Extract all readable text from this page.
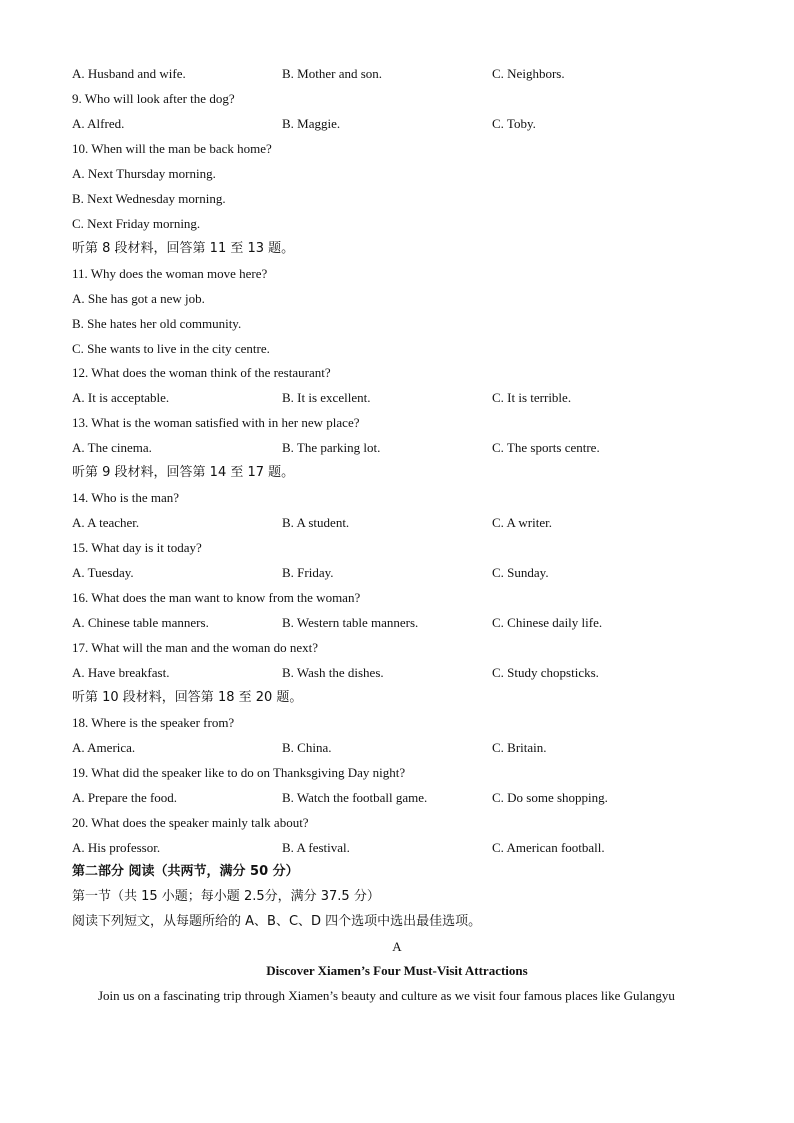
A. Husband and wife.	B. Mother and son.	C. Neighbors.
9. Who will look after the dog?
A. Alfred.	B. Maggie.	C. Toby.
10. When will the man be back home?
A. Next Thursday morning.
B. Next Wednesday morning.
C. Next Friday morning.
听第 8 段材料，回答第 11 至 13 题。
11. Why does the woman move here?
A. She has got a new job.
B. She hates her old community.
C. She wants to live in the city centre.
12. What does the woman think of the restaurant?
A. It is acceptable.	B. It is excellent.	C. It is terrible.
13. What is the woman satisfied with in her new place?
A. The cinema.	B. The parking lot.	C. The sports centre.
听第 9 段材料，回答第 14 至 17 题。
14. Who is the man?
A. A teacher.	B. A student.	C. A writer.
15. What day is it today?
A. Tuesday.	B. Friday.	C. Sunday.
16. What does the man want to know from the woman?
A. Chinese table manners.	B. Western table manners.	C. Chinese daily life.
17. What will the man and the woman do next?
A. Have breakfast.	B. Wash the dishes.	C. Study chopsticks.
听第 10 段材料，回答第 18 至 20 题。
18. Where is the speaker from?
A. America.	B. China.	C. Britain.
19. What did the speaker like to do on Thanksgiving Day night?
A. Prepare the food.	B. Watch the football game.	C. Do some shopping.
20. What does the speaker mainly talk about?
A. His professor.	B. A festival.	C. American football.
第二部分 阅读（共两节，满分 50 分）
第一节（共 15 小题；每小题 2.5分，满分 37.5 分）
阅读下列短文，从每题所给的 A、B、C、D 四个选项中选出最佳选项。
A
Discover Xiamen’s Four Must-Visit Attractions
Join us on a fascinating trip through Xiamen’s beauty and culture as we visit four famous places like Gulangyu
